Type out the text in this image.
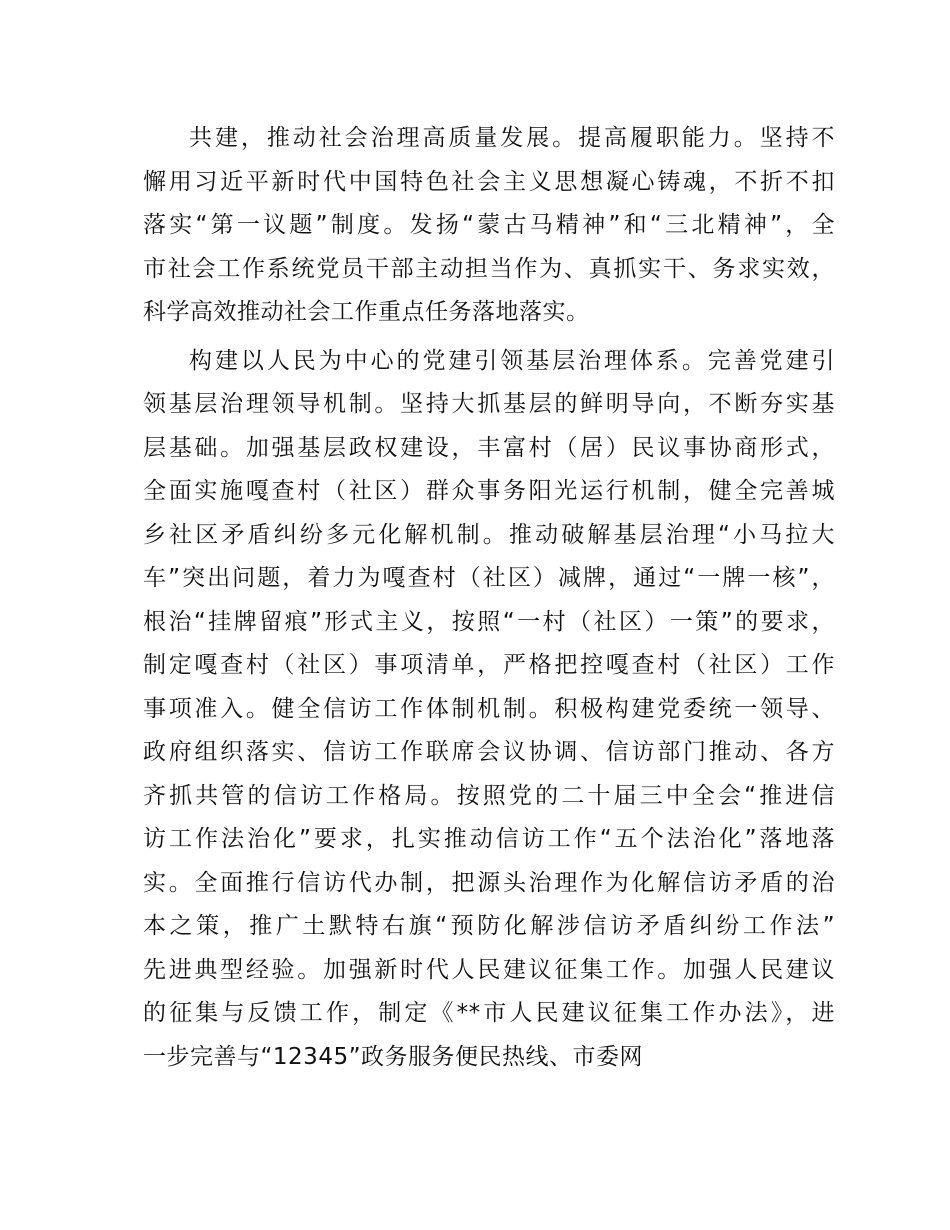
共建，推动社会治理高质量发展。提高履职能力。坚持不
懈用习近平新时代中国特色社会主义思想凝心铸魂，不折不扣
落实“第一议题”制度。发扬“蒙古马精神”和“三北精神”，全
市社会工作系统党员干部主动担当作为、真抓实干、务求实效，
科学高效推动社会工作重点任务落地落实。
构建以人民为中心的党建引领基层治理体系。完善党建引
领基层治理领导机制。坚持大抓基层的鲜明导向，不断夯实基
层基础。加强基层政权建设，丰富村（居）民议事协商形式，
全面实施嘎查村（社区）群众事务阳光运行机制，健全完善城
乡社区矛盾纠纷多元化解机制。推动破解基层治理“小马拉大
车”突出问题，着力为嘎查村（社区）减牌，通过“一牌一核”，
根治“挂牌留痕”形式主义，按照“一村（社区）一策”的要求，
制定嘎查村（社区）事项清单，严格把控嘎查村（社区）工作
事项准入。健全信访工作体制机制。积极构建党委统一领导、
政府组织落实、信访工作联席会议协调、信访部门推动、各方
齐抓共管的信访工作格局。按照党的二十届三中全会“推进信
访工作法治化”要求，扎实推动信访工作“五个法治化”落地落
实。全面推行信访代办制，把源头治理作为化解信访矛盾的治
本之策，推广土默特右旗“预防化解涉信访矛盾纠纷工作法”
先进典型经验。加强新时代人民建议征集工作。加强人民建议
的征集与反馈工作，制定《**市人民建议征集工作办法》，进
一步完善与“12345”政务服务便民热线、市委网
